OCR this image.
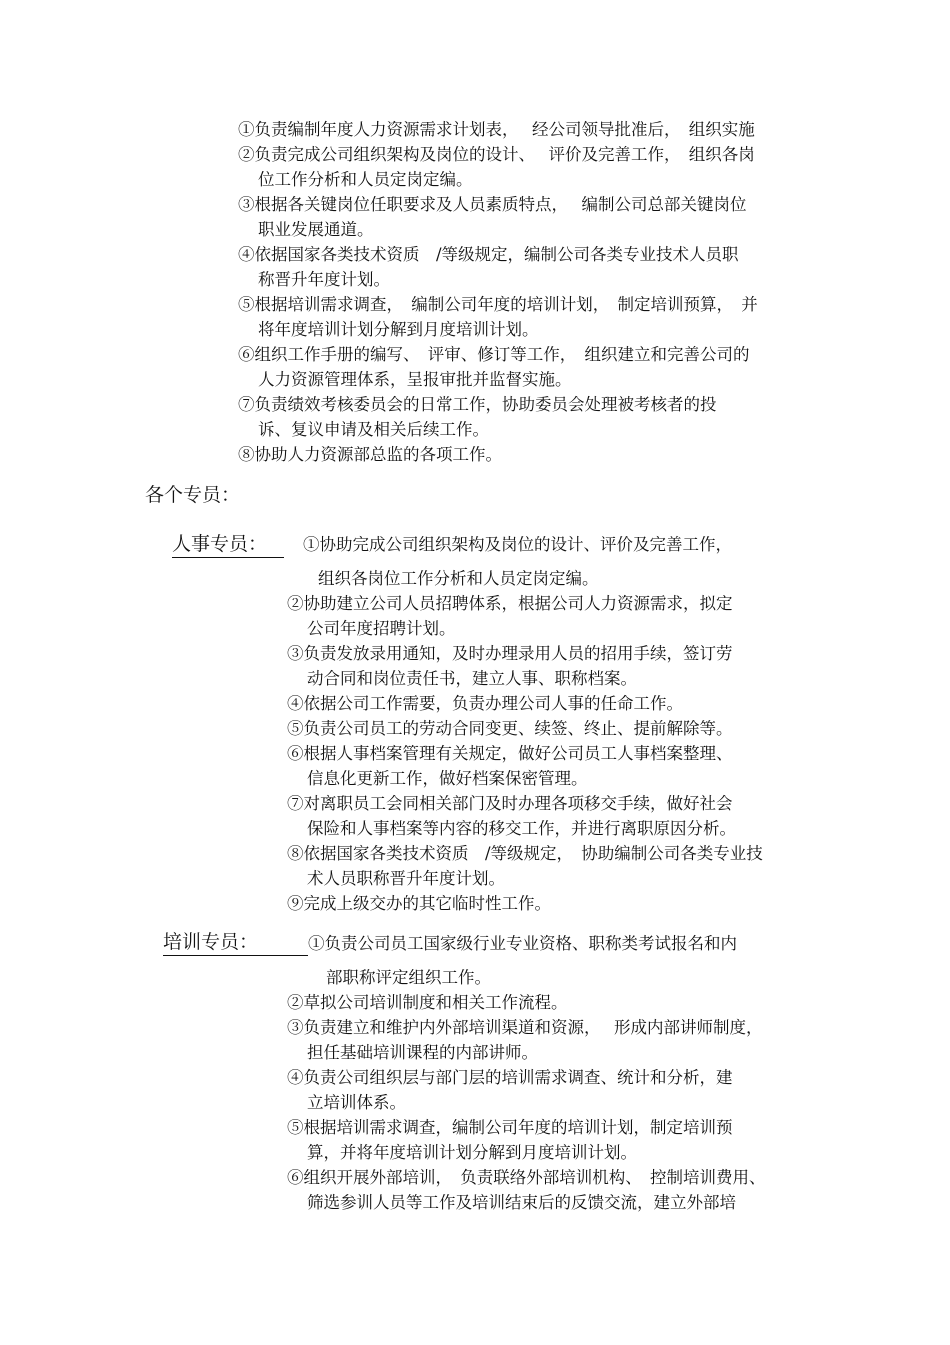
①负责编制年度人力资源需求计划表，　 经公司领导批准后，　组织实施
②负责完成公司组织架构及岗位的设计、　 评价及完善工作，　组织各岗
位工作分析和人员定岗定编。
③根据各关键岗位任职要求及人员素质特点，　 编制公司总部关键岗位
职业发展通道。
④依据国家各类技术资质　/等级规定，编制公司各类专业技术人员职
称晋升年度计划。
⑤根据培训需求调查，　编制公司年度的培训计划，　制定培训预算，　并
将年度培训计划分解到月度培训计划。
⑥组织工作手册的编写、　评审、修订等工作，　组织建立和完善公司的
人力资源管理体系，呈报审批并监督实施。
⑦负责绩效考核委员会的日常工作，协助委员会处理被考核者的投
诉、复议申请及相关后续工作。
⑧协助人力资源部总监的各项工作。
各个专员：
人事专员：	①协助完成公司组织架构及岗位的设计、评价及完善工作，
组织各岗位工作分析和人员定岗定编。
②协助建立公司人员招聘体系，根据公司人力资源需求，拟定
公司年度招聘计划。
③负责发放录用通知，及时办理录用人员的招用手续，签订劳
动合同和岗位责任书，建立人事、职称档案。
④依据公司工作需要，负责办理公司人事的任命工作。
⑤负责公司员工的劳动合同变更、续签、终止、提前解除等。
⑥根据人事档案管理有关规定，做好公司员工人事档案整理、
信息化更新工作，做好档案保密管理。
⑦对离职员工会同相关部门及时办理各项移交手续，做好社会
保险和人事档案等内容的移交工作，并进行离职原因分析。
⑧依据国家各类技术资质　/等级规定，　协助编制公司各类专业技
术人员职称晋升年度计划。
⑨完成上级交办的其它临时性工作。
培训专员：	①负责公司员工国家级行业专业资格、职称类考试报名和内
部职称评定组织工作。
②草拟公司培训制度和相关工作流程。
③负责建立和维护内外部培训渠道和资源，　 形成内部讲师制度，
担任基础培训课程的内部讲师。
④负责公司组织层与部门层的培训需求调查、统计和分析，建
立培训体系。
⑤根据培训需求调查，编制公司年度的培训计划，制定培训预
算，并将年度培训计划分解到月度培训计划。
⑥组织开展外部培训，　负责联络外部培训机构、　控制培训费用、
筛选参训人员等工作及培训结束后的反馈交流，建立外部培
